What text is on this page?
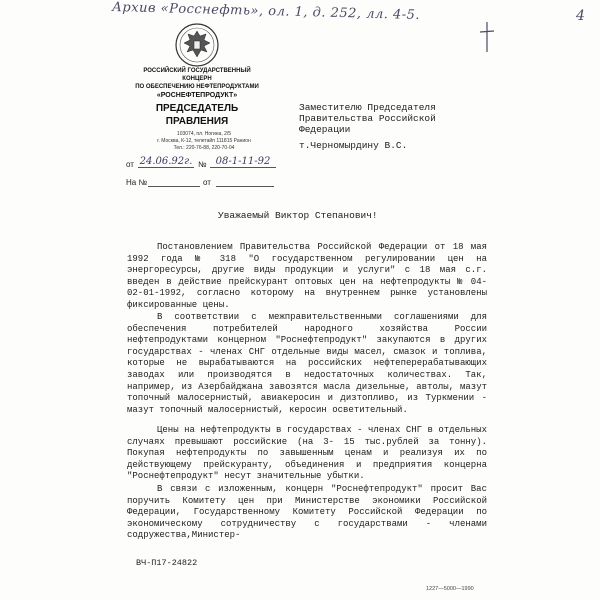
Архив «Росснефть», ол. 1, д. 252, лл. 4-5.	4
РОССИЙСКИЙ ГОСУДАРСТВЕННЫЙ
КОНЦЕРН
ПО ОБЕСПЕЧЕНИЮ НЕФТЕПРОДУКТАМИ
«РОСНЕФТЕПРОДУКТ»
ПРЕДСЕДАТЕЛЬ
ПРАВЛЕНИЯ
103074, пл. Ногина, 2/5
г. Москва, К-12, телетайп 111815 Ранион
Тел.: 220-76-88, 220-70-04
от 24.06.92г. № 08-1-11-92
На №	от
Заместителю Председателя
Правительства Российской
Федерации
т.Черномырдину В.С.
Уважаемый Виктор Степанович!

Постановлением Правительства Российской Федерации от 18 мая 1992 года № 318 "О государственном регулировании цен на энергоресурсы, другие виды продукции и услуги" с 18 мая с.г. введен в действие прейскурант оптовых цен на нефтепродукты № 04-02-01-1992, согласно которому на внутреннем рынке установлены фиксированные цены.

В соответствии с межправительственными соглашениями для обеспечения потребителей народного хозяйства России нефтепродуктами концерном "Роснефтепродукт" закупаются в других государствах - членах СНГ отдельные виды масел, смазок и топлива, которые не вырабатываются на российских нефтеперерабатывающих заводах или производятся в недостаточных количествах. Так, например, из Азербайджана завозятся масла дизельные, автолы, мазут топочный малосернистый, авиакеросин и дизтопливо, из Туркмении - мазут топочный малосернистый, керосин осветительный.

Цены на нефтепродукты в государствах - членах СНГ в отдельных случаях превышают российские (на 3- 15 тыс.рублей за тонну). Покупая нефтепродукты по завышенным ценам и реализуя их по действующему прейскуранту, объединения и предприятия концерна "Роснефтепродукт" несут значительные убытки.

В связи с изложенным, концерн "Роснефтепродукт" просит Вас поручить Комитету цен при Министерстве экономики Российской Федерации, Государственному Комитету Российской Федерации по экономическому сотрудничеству с государствами - членами содружества,Министер-

ВЧ-П17-24822
1227—5000—1990
